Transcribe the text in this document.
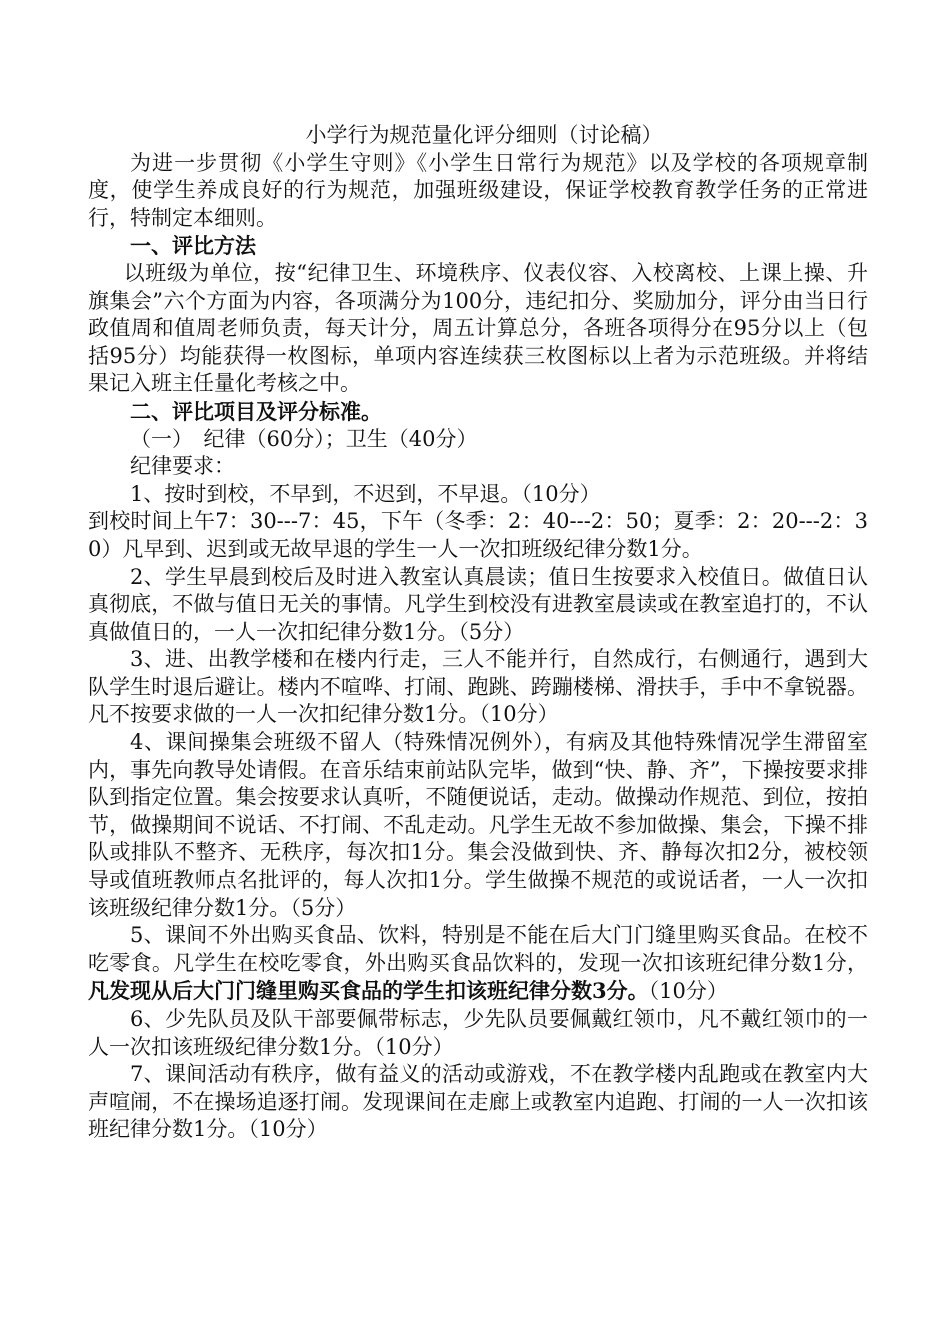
小学行为规范量化评分细则（讨论稿）

为进一步贯彻《小学生守则》《小学生日常行为规范》以及学校的各项规章制度，使学生养成良好的行为规范，加强班级建设，保证学校教育教学任务的正常进行，特制定本细则。

一、评比方法

以班级为单位，按“纪律卫生、环境秩序、仪表仪容、入校离校、上课上操、升旗集会”六个方面为内容，各项满分为100分，违纪扣分、奖励加分，评分由当日行政值周和值周老师负责，每天计分，周五计算总分，各班各项得分在95分以上（包括95分）均能获得一枚图标，单项内容连续获三枚图标以上者为示范班级。并将结果记入班主任量化考核之中。

二、评比项目及评分标准。

（一）　纪律（60分）；卫生（40分）

纪律要求：

1、按时到校，不早到，不迟到，不早退。（10分）

到校时间上午7：30---7：45，下午（冬季：2：40---2：50；夏季：2：20---2：30）凡早到、迟到或无故早退的学生一人一次扣班级纪律分数1分。

2、学生早晨到校后及时进入教室认真晨读；值日生按要求入校值日。做值日认真彻底，不做与值日无关的事情。凡学生到校没有进教室晨读或在教室追打的，不认真做值日的，一人一次扣纪律分数1分。（5分）

3、进、出教学楼和在楼内行走，三人不能并行，自然成行，右侧通行，遇到大队学生时退后避让。楼内不喧哗、打闹、跑跳、跨蹦楼梯、滑扶手，手中不拿锐器。凡不按要求做的一人一次扣纪律分数1分。（10分）

4、课间操集会班级不留人（特殊情况例外），有病及其他特殊情况学生滞留室内，事先向教导处请假。在音乐结束前站队完毕，做到“快、静、齐”，下操按要求排队到指定位置。集会按要求认真听，不随便说话，走动。做操动作规范、到位，按拍节，做操期间不说话、不打闹、不乱走动。凡学生无故不参加做操、集会，下操不排队或排队不整齐、无秩序，每次扣1分。集会没做到快、齐、静每次扣2分，被校领导或值班教师点名批评的，每人次扣1分。学生做操不规范的或说话者，一人一次扣该班级纪律分数1分。（5分）

5、课间不外出购买食品、饮料，特别是不能在后大门门缝里购买食品。在校不吃零食。凡学生在校吃零食，外出购买食品饮料的，发现一次扣该班纪律分数1分，凡发现从后大门门缝里购买食品的学生扣该班纪律分数3分。（10分）

6、少先队员及队干部要佩带标志，少先队员要佩戴红领巾，凡不戴红领巾的一人一次扣该班级纪律分数1分。（10分）

7、课间活动有秩序，做有益义的活动或游戏，不在教学楼内乱跑或在教室内大声喧闹，不在操场追逐打闹。发现课间在走廊上或教室内追跑、打闹的一人一次扣该班纪律分数1分。（10分）
